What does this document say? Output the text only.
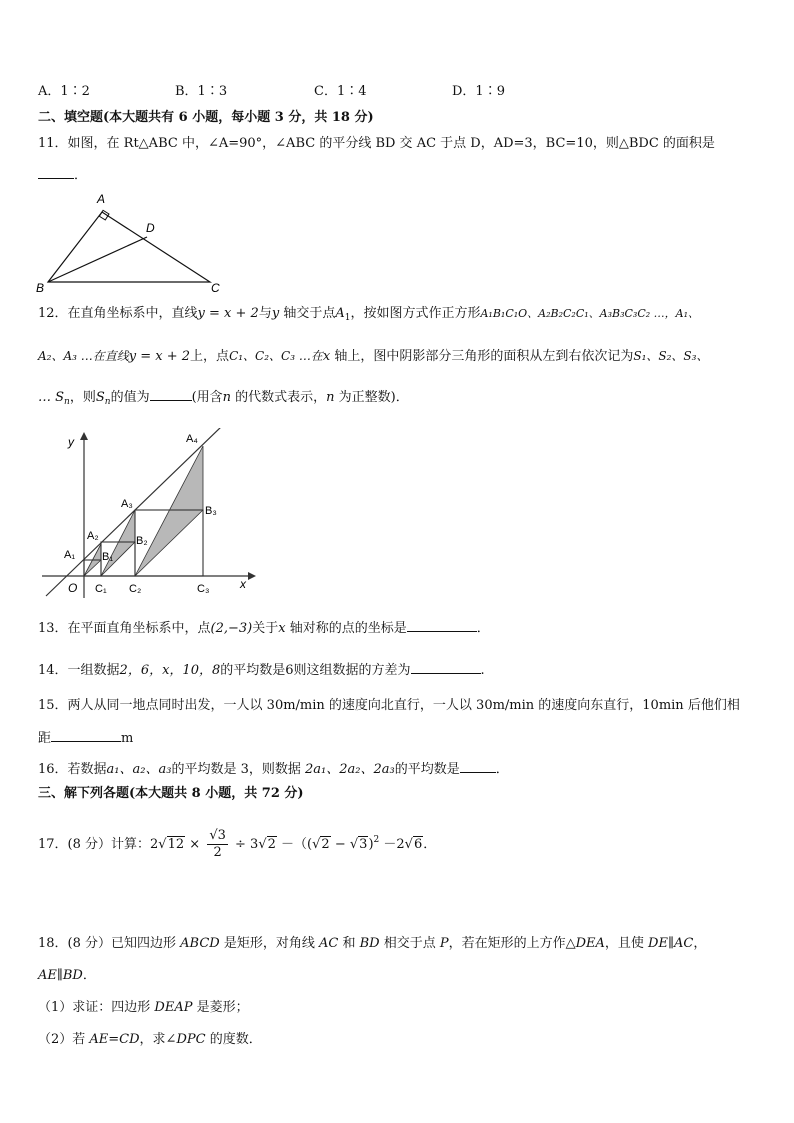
A．1∶2	B．1∶3	C．1∶4	D．1∶9
二、填空题(本大题共有 6 小题，每小题 3 分，共 18 分)
11．如图，在 Rt△ABC 中，∠A=90°，∠ABC 的平分线 BD 交 AC 于点 D，AD=3，BC=10，则△BDC 的面积是
．
A
D
B	C
12．在直角坐标系中，直线y = x + 2与y 轴交于点$A_1$，按如图方式作正方形A₁B₁C₁O、A₂B₂C₂C₁、A₃B₃C₃C₂ …，A₁、
A₂、A₃ …在直线y = x + 2上，点C₁、C₂、C₃ …在x 轴上，图中阴影部分三角形的面积从左到右依次记为S₁、S₂、S₃、
… $S_n$，则$S_n$的值为	(用含n 的代数式表示，n 为正整数)．
y
x
O
A₁
A₂
A₃
A₄
B₁
B₂
B₃
C₁ C₂	C₃
13．在平面直角坐标系中，点(2,−3)关于x 轴对称的点的坐标是	．
14．一组数据2，6，x，10，8的平均数是6则这组数据的方差为	.
15．两人从同一地点同时出发，一人以 30m/min 的速度向北直行，一人以 30m/min 的速度向东直行，10min 后他们相
距	m
16．若数据a₁、a₂、a₃的平均数是 3，则数据 2a₁、2a₂、2a₃的平均数是	．
三、解下列各题(本大题共 8 小题，共 72 分)
17．(8 分）计算：$2√12 \times \frac{√3}{2} \div 3√2 -((√2 - √3)^2 -2√6$．
18．(8 分）已知四边形 ABCD 是矩形，对角线 AC 和 BD 相交于点 P，若在矩形的上方作△DEA，且使 DE∥AC，
AE∥BD．
（1）求证：四边形 DEAP 是菱形；
（2）若 AE=CD，求∠DPC 的度数．
